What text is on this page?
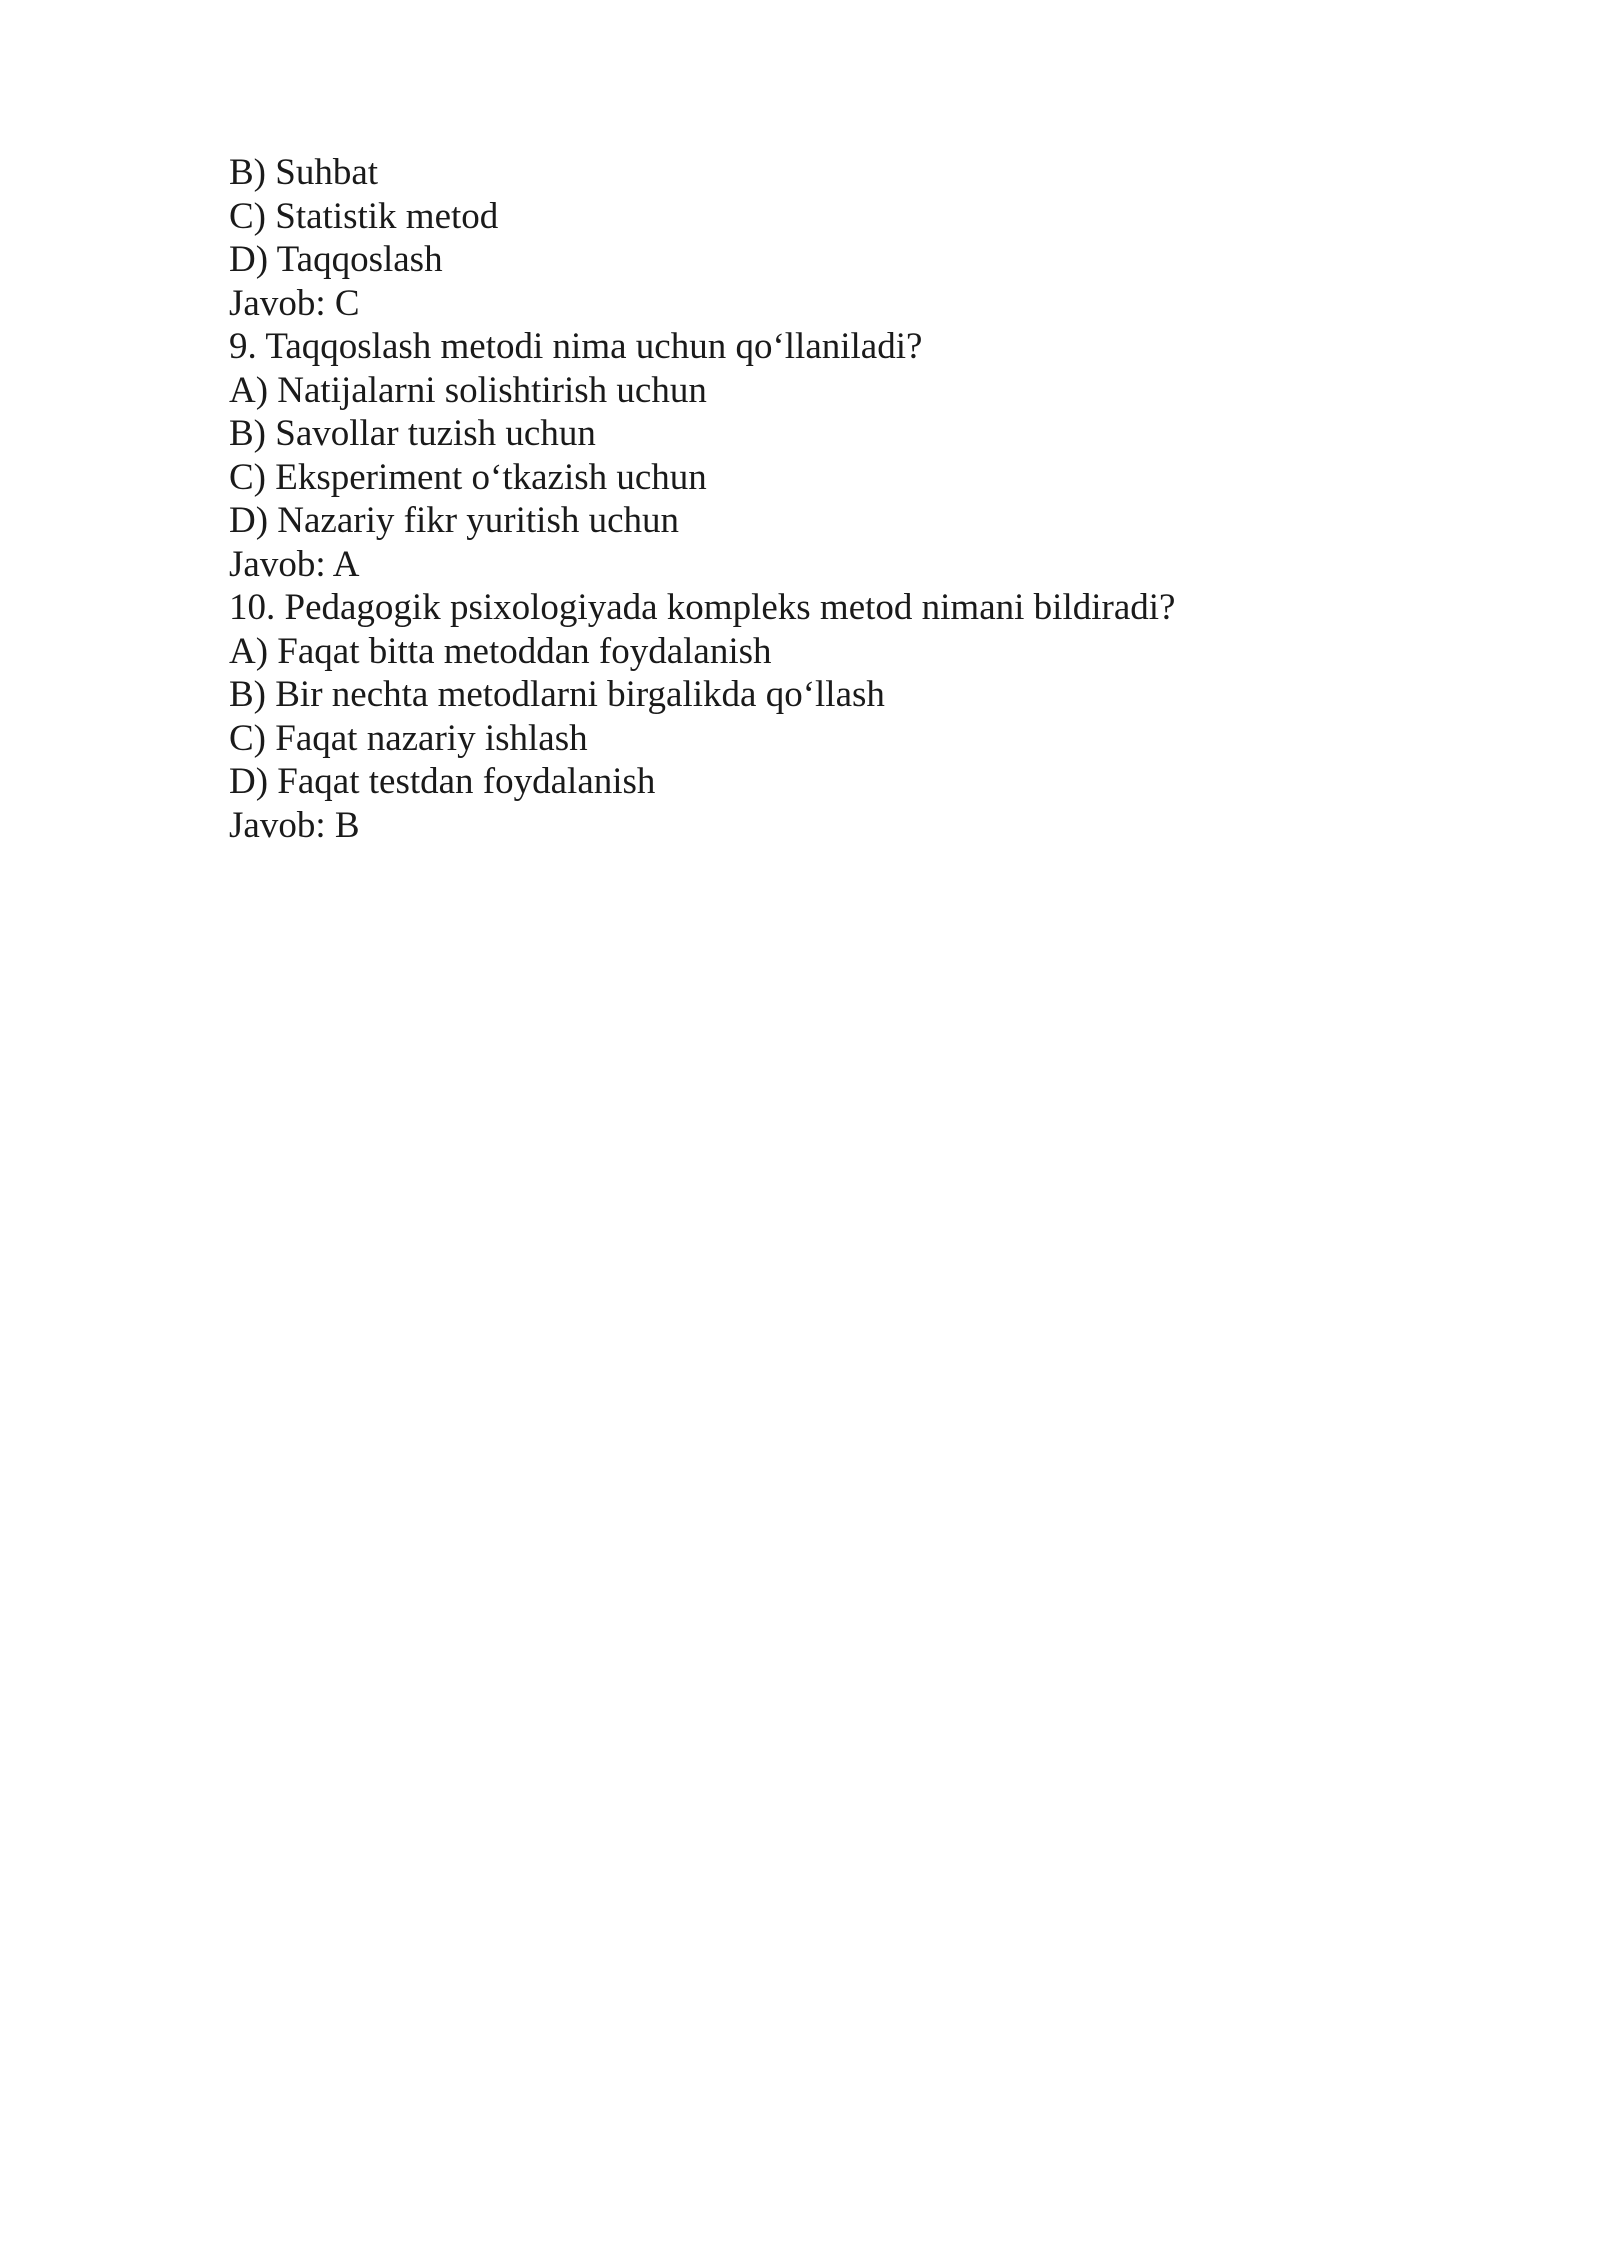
B) Suhbat

C) Statistik metod

D) Taqqoslash

Javob: C

9. Taqqoslash metodi nima uchun qo‘llaniladi?

A) Natijalarni solishtirish uchun

B) Savollar tuzish uchun

C) Eksperiment o‘tkazish uchun

D) Nazariy fikr yuritish uchun

Javob: A

10. Pedagogik psixologiyada kompleks metod nimani bildiradi?

A) Faqat bitta metoddan foydalanish

B) Bir nechta metodlarni birgalikda qo‘llash

C) Faqat nazariy ishlash

D) Faqat testdan foydalanish

Javob: B
